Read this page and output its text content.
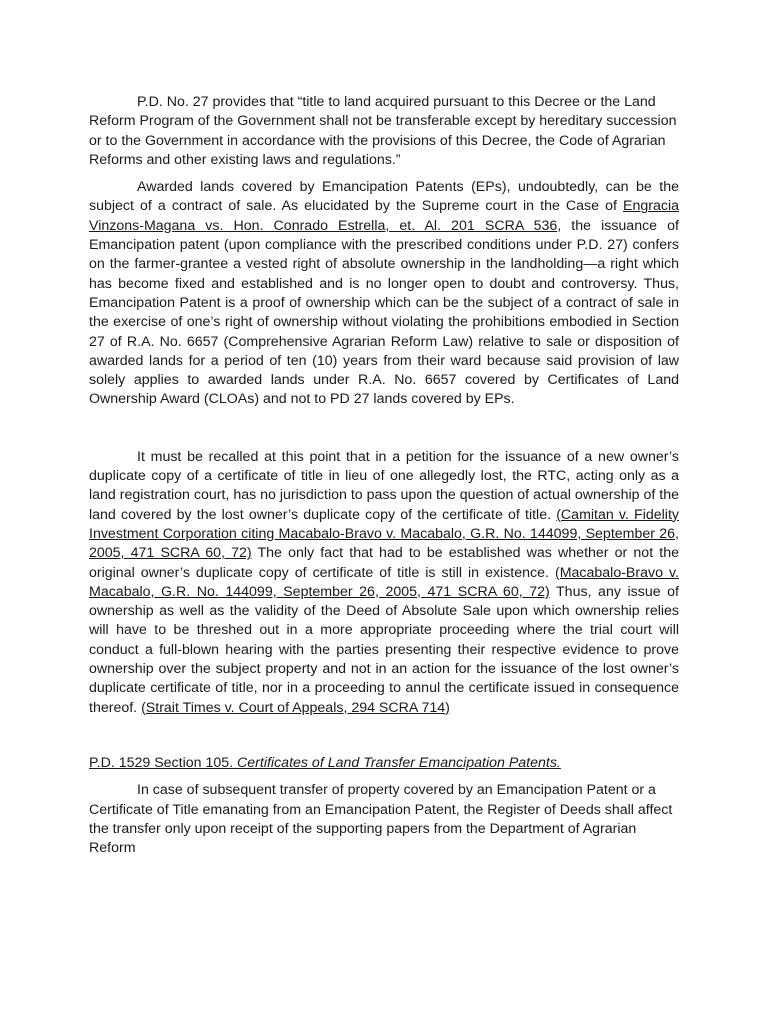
P.D. No. 27 provides that “title to land acquired pursuant to this Decree or the Land Reform Program of the Government shall not be transferable except by hereditary succession or to the Government in accordance with the provisions of this Decree, the Code of Agrarian Reforms and other existing laws and regulations.”

Awarded lands covered by Emancipation Patents (EPs), undoubtedly, can be the subject of a contract of sale. As elucidated by the Supreme court in the Case of Engracia Vinzons-Magana vs. Hon. Conrado Estrella, et. Al. 201 SCRA 536, the issuance of Emancipation patent (upon compliance with the prescribed conditions under P.D. 27) confers on the farmer-grantee a vested right of absolute ownership in the landholding—a right which has become fixed and established and is no longer open to doubt and controversy. Thus, Emancipation Patent is a proof of ownership which can be the subject of a contract of sale in the exercise of one’s right of ownership without violating the prohibitions embodied in Section 27 of R.A. No. 6657 (Comprehensive Agrarian Reform Law) relative to sale or disposition of awarded lands for a period of ten (10) years from their ward because said provision of law solely applies to awarded lands under R.A. No. 6657 covered by Certificates of Land Ownership Award (CLOAs) and not to PD 27 lands covered by EPs.

It must be recalled at this point that in a petition for the issuance of a new owner’s duplicate copy of a certificate of title in lieu of one allegedly lost, the RTC, acting only as a land registration court, has no jurisdiction to pass upon the question of actual ownership of the land covered by the lost owner’s duplicate copy of the certificate of title. (Camitan v. Fidelity Investment Corporation citing Macabalo-Bravo v. Macabalo, G.R. No. 144099, September 26, 2005, 471 SCRA 60, 72) The only fact that had to be established was whether or not the original owner’s duplicate copy of certificate of title is still in existence. (Macabalo-Bravo v. Macabalo, G.R. No. 144099, September 26, 2005, 471 SCRA 60, 72) Thus, any issue of ownership as well as the validity of the Deed of Absolute Sale upon which ownership relies will have to be threshed out in a more appropriate proceeding where the trial court will conduct a full-blown hearing with the parties presenting their respective evidence to prove ownership over the subject property and not in an action for the issuance of the lost owner’s duplicate certificate of title, nor in a proceeding to annul the certificate issued in consequence thereof. (Strait Times v. Court of Appeals, 294 SCRA 714)

P.D. 1529 Section 105. Certificates of Land Transfer Emancipation Patents.

In case of subsequent transfer of property covered by an Emancipation Patent or a Certificate of Title emanating from an Emancipation Patent, the Register of Deeds shall affect the transfer only upon receipt of the supporting papers from the Department of Agrarian Reform
